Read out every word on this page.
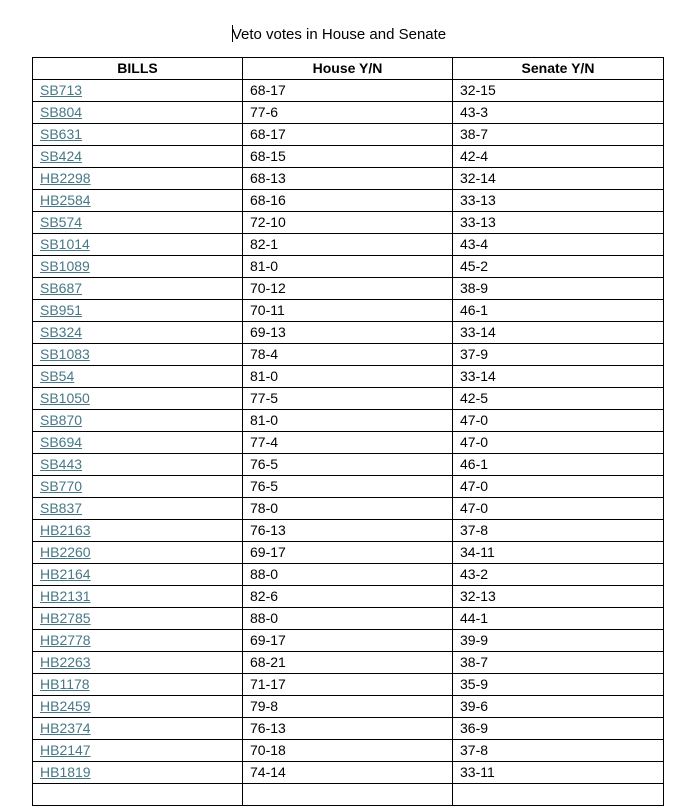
Veto votes in House and Senate
BILLS	House Y/N	Senate Y/N
SB713	68-17	32-15
SB804	77-6	43-3
SB631	68-17	38-7
SB424	68-15	42-4
HB2298	68-13	32-14
HB2584	68-16	33-13
SB574	72-10	33-13
SB1014	82-1	43-4
SB1089	81-0	45-2
SB687	70-12	38-9
SB951	70-11	46-1
SB324	69-13	33-14
SB1083	78-4	37-9
SB54	81-0	33-14
SB1050	77-5	42-5
SB870	81-0	47-0
SB694	77-4	47-0
SB443	76-5	46-1
SB770	76-5	47-0
SB837	78-0	47-0
HB2163	76-13	37-8
HB2260	69-17	34-11
HB2164	88-0	43-2
HB2131	82-6	32-13
HB2785	88-0	44-1
HB2778	69-17	39-9
HB2263	68-21	38-7
HB1178	71-17	35-9
HB2459	79-8	39-6
HB2374	76-13	36-9
HB2147	70-18	37-8
HB1819	74-14	33-11
